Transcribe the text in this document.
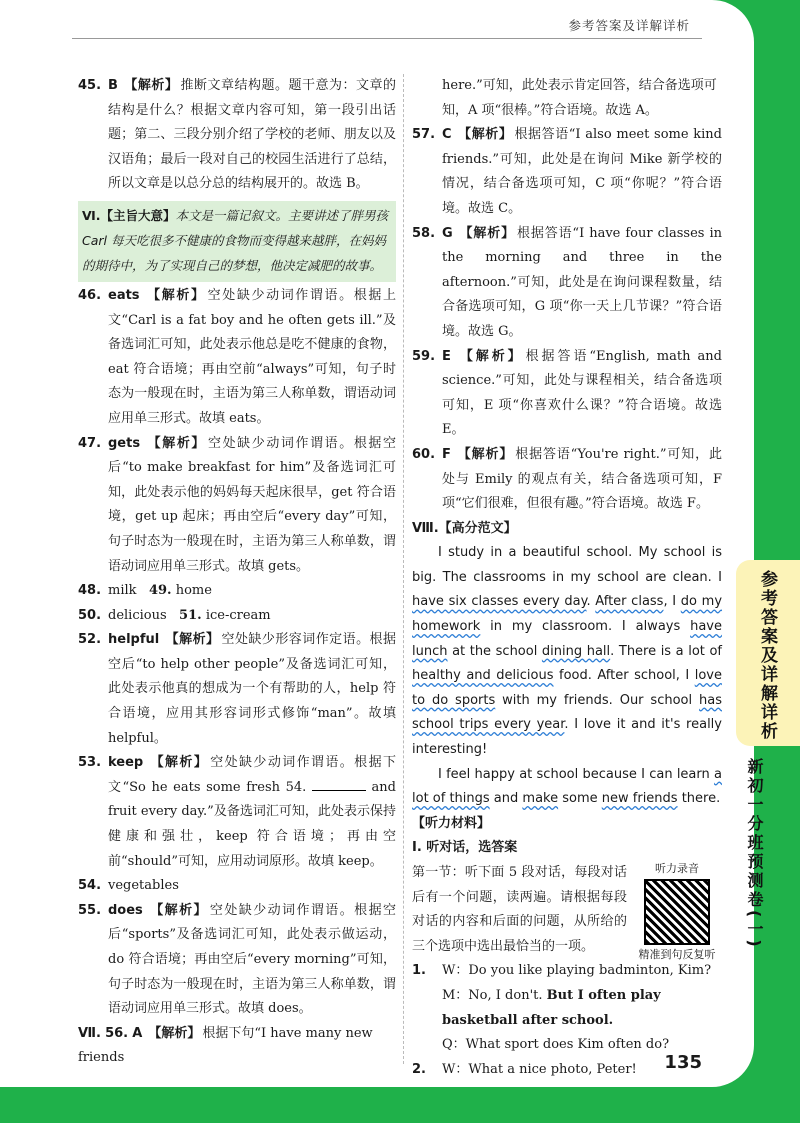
参考答案及详解详析
45. B 【解析】 推断文章结构题。题干意为：文章的结构是什么？根据文章内容可知，第一段引出话题；第二、三段分别介绍了学校的老师、朋友以及汉语角；最后一段对自己的校园生活进行了总结，所以文章是以总分总的结构展开的。故选 B。
Ⅵ.【主旨大意】本文是一篇记叙文。主要讲述了胖男孩 Carl 每天吃很多不健康的食物而变得越来越胖，在妈妈的期待中，为了实现自己的梦想，他决定减肥的故事。
46. eats 【解析】 空处缺少动词作谓语。根据上文“Carl is a fat boy and he often gets ill.”及备选词汇可知，此处表示他总是吃不健康的食物，eat 符合语境；再由空前“always”可知，句子时态为一般现在时，主语为第三人称单数，谓语动词应用单三形式。故填 eats。
47. gets 【解析】 空处缺少动词作谓语。根据空后“to make breakfast for him”及备选词汇可知，此处表示他的妈妈每天起床很早，get 符合语境，get up 起床；再由空后“every day”可知，句子时态为一般现在时，主语为第三人称单数，谓语动词应用单三形式。故填 gets。
48. milk 49. home
50. delicious 51. ice-cream
52. helpful 【解析】 空处缺少形容词作定语。根据空后“to help other people”及备选词汇可知，此处表示他真的想成为一个有帮助的人，help 符合语境，应用其形容词形式修饰“man”。故填 helpful。
53. keep 【解析】 空处缺少动词作谓语。根据下文“So he eats some fresh 54.	and fruit every day.”及备选词汇可知，此处表示保持健康和强壮，keep 符合语境；再由空前“should”可知，应用动词原形。故填 keep。
54. vegetables
55. does 【解析】 空处缺少动词作谓语。根据空后“sports”及备选词汇可知，此处表示做运动，do 符合语境；再由空后“every morning”可知，句子时态为一般现在时，主语为第三人称单数，谓语动词应用单三形式。故填 does。
Ⅶ. 56. A 【解析】 根据下句“I have many new friends
here.”可知，此处表示肯定回答，结合备选项可知，A 项“很棒。”符合语境。故选 A。
57. C 【解析】 根据答语“I also meet some kind friends.”可知，此处是在询问 Mike 新学校的情况，结合备选项可知，C 项“你呢？”符合语境。故选 C。
58. G 【解析】 根据答语“I have four classes in the morning and three in the afternoon.”可知，此处是在询问课程数量，结合备选项可知，G 项“你一天上几节课？”符合语境。故选 G。
59. E 【解析】 根据答语“English, math and science.”可知，此处与课程相关，结合备选项可知，E 项“你喜欢什么课？”符合语境。故选 E。
60. F 【解析】 根据答语“You're right.”可知，此处与 Emily 的观点有关，结合备选项可知，F 项“它们很难，但很有趣。”符合语境。故选 F。
Ⅷ.【高分范文】
I study in a beautiful school. My school is big. The classrooms in my school are clean. I have six classes every day. After class, I do my homework in my classroom. I always have lunch at the school dining hall. There is a lot of healthy and delicious food. After school, I love to do sports with my friends. Our school has school trips every year. I love it and it's really interesting!
I feel happy at school because I can learn a lot of things and make some new friends there.
【听力材料】
Ⅰ. 听对话，选答案
听力录音
精准到句反复听
第一节：听下面 5 段对话，每段对话后有一个问题，读两遍。请根据每段对话的内容和后面的问题，从所给的三个选项中选出最恰当的一项。
1. W：Do you like playing badminton, Kim?
M：No, I don't. But I often play basketball after school.
Q：What sport does Kim often do?
2. W：What a nice photo, Peter!	135
参考答案及详解详析
新初一分班预测卷(一)
